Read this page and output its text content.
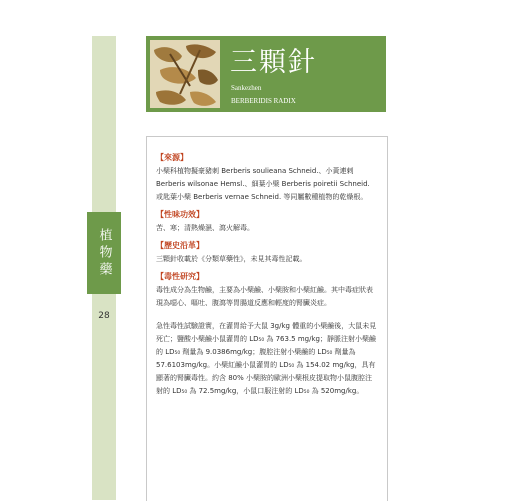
植物藥
28
三顆針
Sankezhen
BERBERIDIS RADIX
【 來源 】

小檗科植物擬豪豬刺 Berberis soulieana Schneid.、小黃連刺 Berberis wilsonae Hemsl.、細葉小檗 Berberis poiretii Schneid. 或匙葉小檗 Berberis vernae Schneid. 等同屬數種植物的乾燥根。

【 性味功效 】

苦、寒；清熱燥濕、瀉火解毒。

【 歷史沿革 】

三顆針收載於《分類草藥性》，未見其毒性記載。

【 毒性研究 】

毒性成分為生物鹼，主要為小檗鹼、小檗胺和小檗紅鹼。其中毒症狀表現為噁心、嘔吐、腹瀉等胃腸道反應和輕度的腎臟炎症。

急性毒性試驗證實，在灌胃給予大鼠 3g/kg 體重的小檗鹼後，大鼠未見死亡；鹽酸小檗鹼小鼠灌胃的 LD₅₀ 為 763.5 mg/kg；靜脈注射小檗鹼的 LD₅₀ 劑量為 9.0386mg/kg；腹腔注射小檗鹼的 LD₅₀ 劑量為 57.6103mg/kg。小檗紅鹼小鼠灌胃的 LD₅₀ 為 154.02 mg/kg，具有顯著的腎臟毒性。約含 80% 小檗胺的歐洲小檗根皮提取物小鼠腹腔注射的 LD₅₀ 為 72.5mg/kg，小鼠口服注射的 LD₅₀ 為 520mg/kg。
